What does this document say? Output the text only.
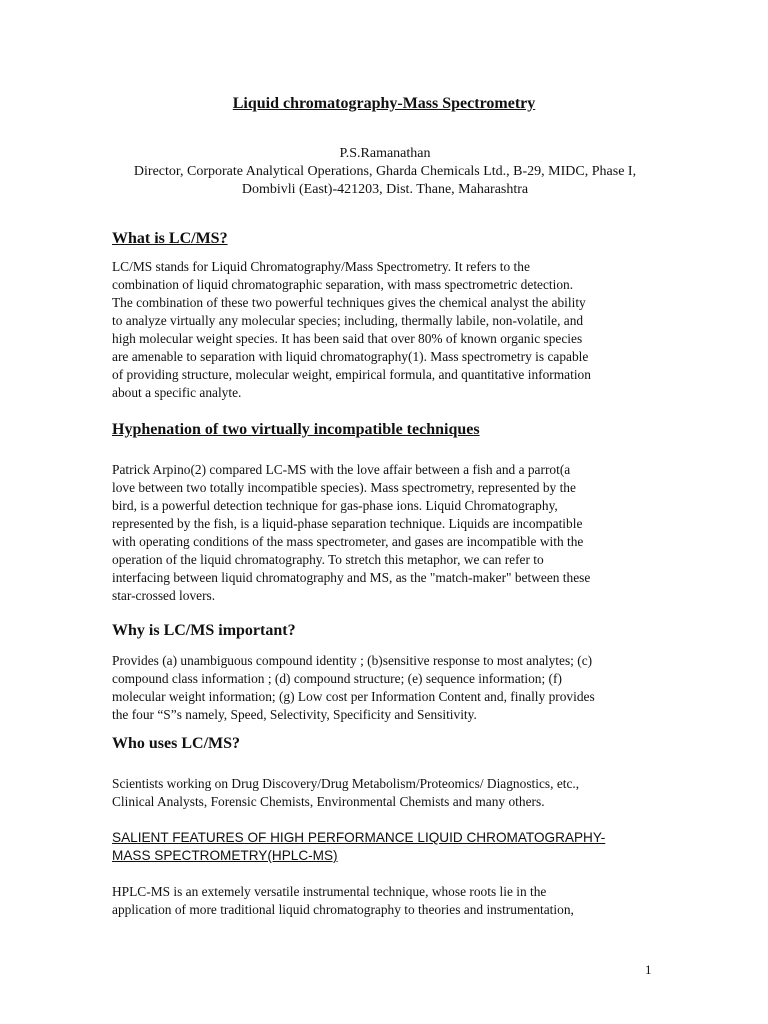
Liquid chromatography-Mass Spectrometry
P.S.Ramanathan
Director, Corporate Analytical Operations, Gharda Chemicals Ltd., B-29, MIDC, Phase I,
Dombivli (East)-421203, Dist. Thane, Maharashtra
What is LC/MS?

LC/MS stands for Liquid Chromatography/Mass Spectrometry. It refers to the

combination of liquid chromatographic separation, with mass spectrometric detection.

The combination of these two powerful techniques gives the chemical analyst the ability

to analyze virtually any molecular species; including, thermally labile, non-volatile, and

high molecular weight species. It has been said that over 80% of known organic species

are amenable to separation with liquid chromatography(1). Mass spectrometry is capable

of providing structure, molecular weight, empirical formula, and quantitative information

about a specific analyte.

Hyphenation of two virtually incompatible techniques

Patrick Arpino(2) compared LC-MS with the love affair between a fish and a parrot(a

love between two totally incompatible species). Mass spectrometry, represented by the

bird, is a powerful detection technique for gas-phase ions. Liquid Chromatography,

represented by the fish, is a liquid-phase separation technique. Liquids are incompatible

with operating conditions of the mass spectrometer, and gases are incompatible with the

operation of the liquid chromatography. To stretch this metaphor, we can refer to

interfacing between liquid chromatography and MS, as the "match-maker" between these

star-crossed lovers.

Why is LC/MS important?

Provides (a) unambiguous compound identity ; (b)sensitive response to most analytes; (c)

compound class information ; (d) compound structure; (e) sequence information; (f)

molecular weight information; (g) Low cost per Information Content and, finally provides

the four “S”s namely, Speed, Selectivity, Specificity and Sensitivity.

Who uses LC/MS?

Scientists working on Drug Discovery/Drug Metabolism/Proteomics/ Diagnostics, etc.,

Clinical Analysts, Forensic Chemists, Environmental Chemists and many others.

SALIENT FEATURES OF HIGH PERFORMANCE LIQUID CHROMATOGRAPHY-

MASS SPECTROMETRY(HPLC-MS)

HPLC-MS is an extemely versatile instrumental technique, whose roots lie in the

application of more traditional liquid chromatography to theories and instrumentation,

1
